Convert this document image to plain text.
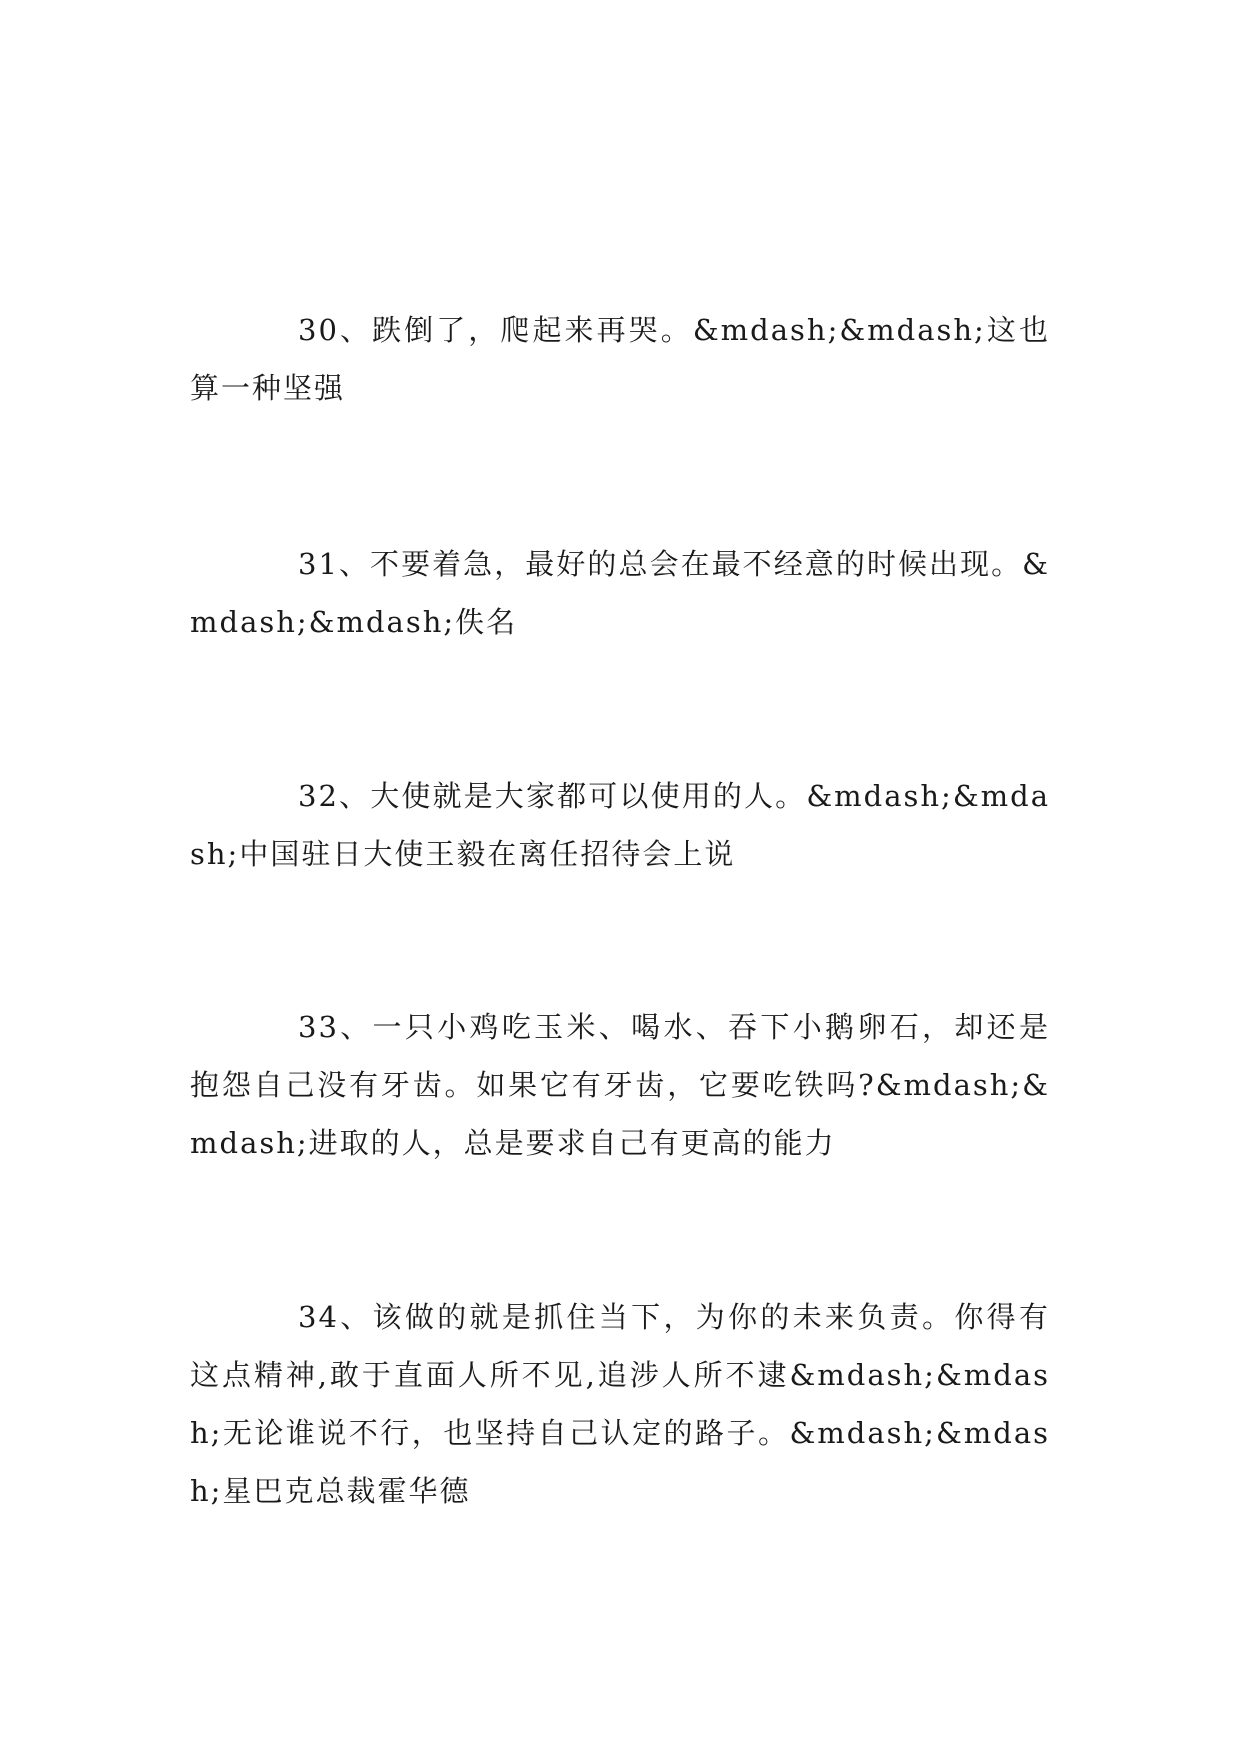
30、跌倒了，爬起来再哭。&mdash;&mdash;这也算一种坚强

31、不要着急，最好的总会在最不经意的时候出现。&mdash;&mdash;佚名

32、大使就是大家都可以使用的人。&mdash;&mdash;中国驻日大使王毅在离任招待会上说

33、一只小鸡吃玉米、喝水、吞下小鹅卵石，却还是抱怨自己没有牙齿。如果它有牙齿，它要吃铁吗?&mdash;&mdash;进取的人，总是要求自己有更高的能力

34、该做的就是抓住当下，为你的未来负责。你得有这点精神,敢于直面人所不见,追涉人所不逮&mdash;&mdash;无论谁说不行，也坚持自己认定的路子。&mdash;&mdash;星巴克总裁霍华德
